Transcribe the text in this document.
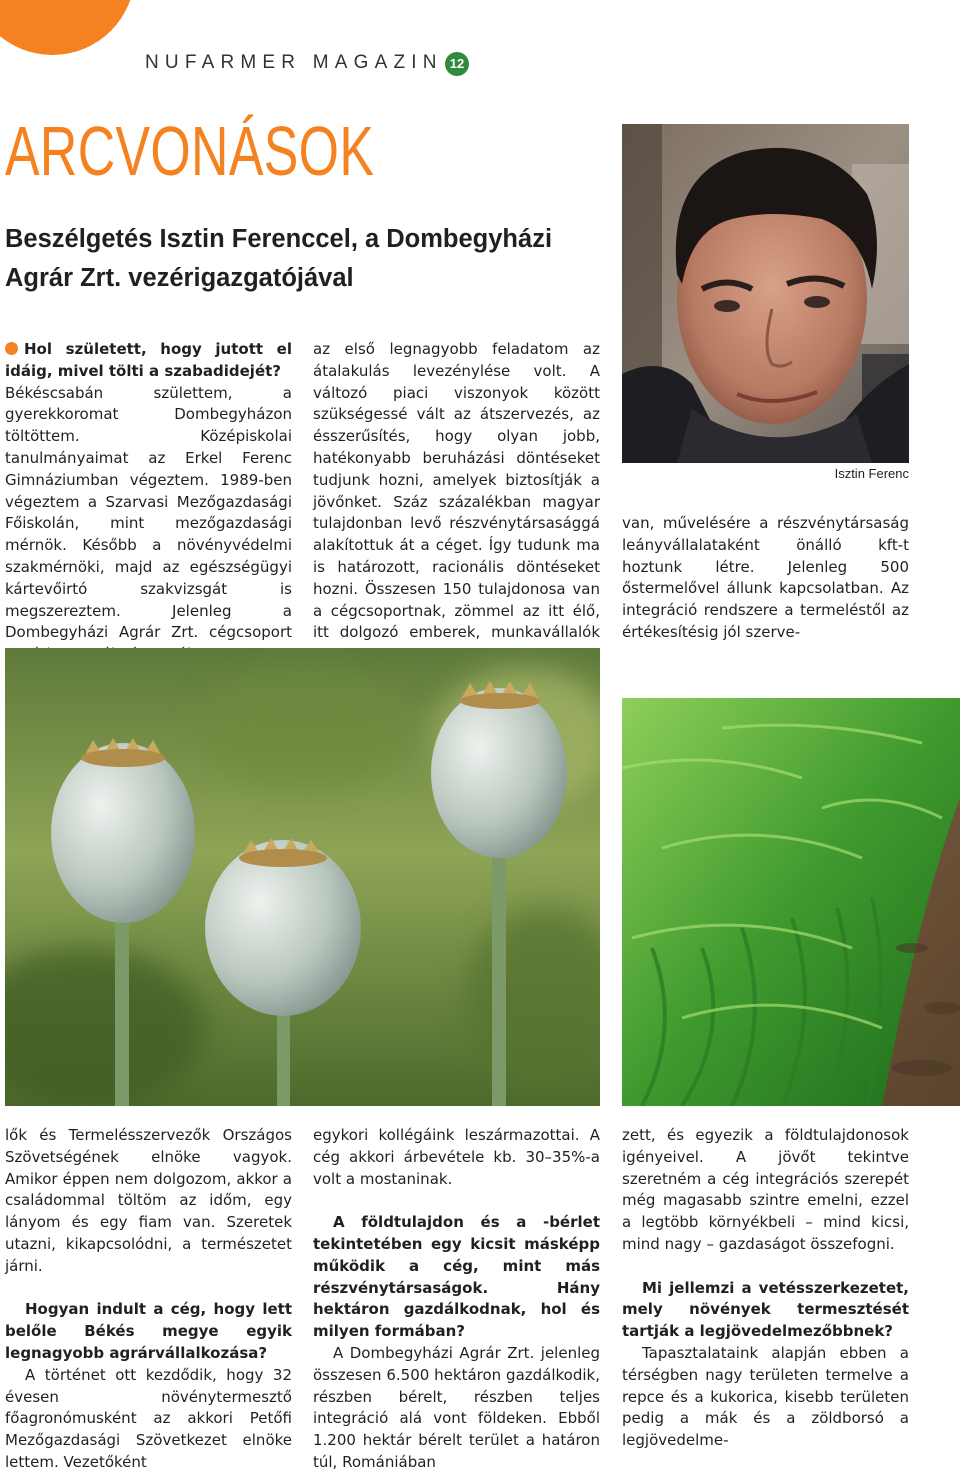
NUFARMER MAGAZIN 12
ARCVONÁSOK
Beszélgetés Isztin Ferenccel, a Dombegyházi Agrár Zrt. vezérigazgatójával
Isztin Ferenc

Hol született, hogy jutott el idáig, mivel tölti a szabadidejét?

Békéscsabán születtem, a gyerekkoromat Dombegyházon töltöttem. Középiskolai tanulmányaimat az Erkel Ferenc Gimnáziumban végeztem. 1989-ben végeztem a Szarvasi Mezőgazdasági Főiskolán, mint mezőgazdasági mérnök. Később a növényvédelmi szakmérnöki, majd az egészségügyi kártevőirtó szakvizsgát is megszereztem. Jelenleg a Dombegyházi Agrár Zrt. cégcsoport

az első legnagyobb feladatom az átalakulás levezénylése volt. A változó piaci viszonyok között szükségessé vált az átszervezés, az ésszerűsítés, hogy olyan jobb, hatékonyabb beruházási döntéseket tudjunk hozni, amelyek biztosítják a jövőnket. Száz százalékban magyar tulajdonban levő részvénytársasággá alakítottuk át a céget. Így tudunk ma is határozott, racionális döntéseket hozni. Összesen 150 tulajdonosa van a cégcsoportnak, zömmel az itt élő, itt dolgozó emberek, munkavállalók

van, művelésére a részvénytársaság leányvállalataként önálló kft-t hoztunk létre. Jelenleg 500 őstermelővel állunk kapcsolatban. Az integráció rendszere a termeléstől az értékesítésig jól szerve-

lők és Termelésszervezők Országos Szövetségének elnöke vagyok. Amikor éppen nem dolgozom, akkor a családommal töltöm az időm, egy lányom és egy fiam van. Szeretek utazni, kikapcsolódni, a természetet járni.

Hogyan indult a cég, hogy lett belőle Békés megye egyik legnagyobb agrárvállalkozása?

A történet ott kezdődik, hogy 32 évesen növénytermesztő főagronómusként az akkori Petőfi Mezőgazdasági Szövetkezet elnöke lettem. Vezetőként

egykori kollégáink leszármazottai. A cég akkori árbevétele kb. 30–35%-a volt a mostaninak.

A földtulajdon és a -bérlet tekintetében egy kicsit másképp működik a cég, mint más részvénytársaságok. Hány hektáron gazdálkodnak, hol és milyen formában?

A Dombegyházi Agrár Zrt. jelenleg összesen 6.500 hektáron gazdálkodik, részben bérelt, részben teljes integráció alá vont földeken. Ebből 1.200 hektár bérelt terület a határon túl, Romániában

zett, és egyezik a földtulajdonosok igényeivel. A jövőt tekintve szeretném a cég integrációs szerepét még magasabb szintre emelni, ezzel a legtöbb környékbeli – mind kicsi, mind nagy – gazdaságot összefogni.

Mi jellemzi a vetésszerkezetet, mely növények termesztését tartják a legjövedelmezőbbnek?

Tapasztalataink alapján ebben a térségben nagy területen termelve a repce és a kukorica, kisebb területen pedig a mák és a zöldborsó a legjövedelme-
